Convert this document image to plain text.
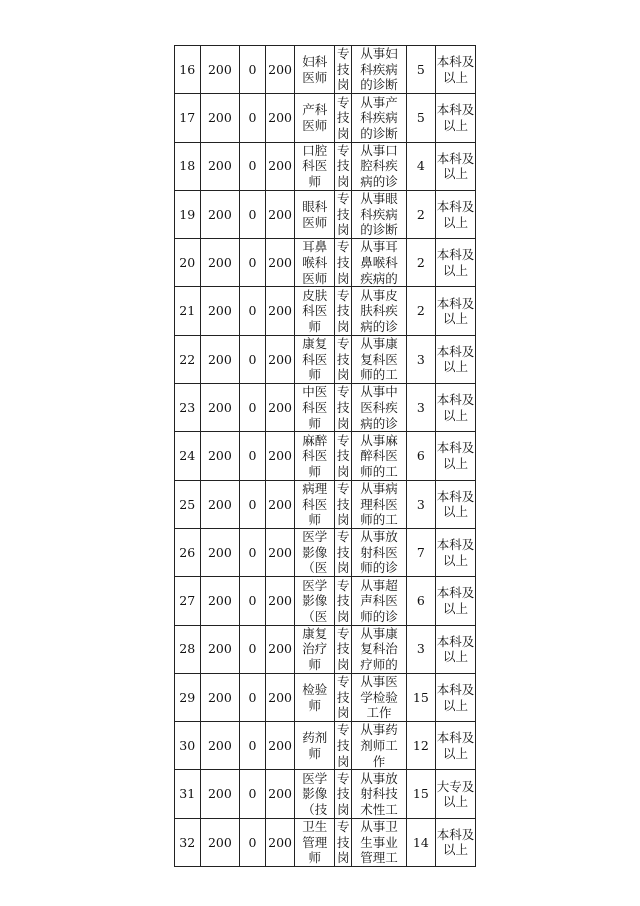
16	200	0	200	妇科医师	专技岗	从事妇科疾病的诊断	5	本科及以上

17	200	0	200	产科医师	专技岗	从事产科疾病的诊断	5	本科及以上

18	200	0	200	口腔科医师	专技岗	从事口腔科疾病的诊	4	本科及以上

19	200	0	200	眼科医师	专技岗	从事眼科疾病的诊断	2	本科及以上

20	200	0	200	耳鼻喉科医师	专技岗	从事耳鼻喉科疾病的	2	本科及以上

21	200	0	200	皮肤科医师	专技岗	从事皮肤科疾病的诊	2	本科及以上

22	200	0	200	康复科医师	专技岗	从事康复科医师的工	3	本科及以上

23	200	0	200	中医科医师	专技岗	从事中医科疾病的诊	3	本科及以上

24	200	0	200	麻醉科医师	专技岗	从事麻醉科医师的工	6	本科及以上

25	200	0	200	病理科医师	专技岗	从事病理科医师的工	3	本科及以上

26	200	0	200	医学影像（医	专技岗	从事放射科医师的诊	7	本科及以上

27	200	0	200	医学影像（医	专技岗	从事超声科医师的诊	6	本科及以上

28	200	0	200	康复治疗师	专技岗	从事康复科治疗师的	3	本科及以上

29	200	0	200	检验师	专技岗	从事医学检验工作	15	本科及以上

30	200	0	200	药剂师	专技岗	从事药剂师工作	12	本科及以上

31	200	0	200	医学影像（技	专技岗	从事放射科技术性工	15	大专及以上

32	200	0	200	卫生管理师	专技岗	从事卫生事业管理工	14	本科及以上
